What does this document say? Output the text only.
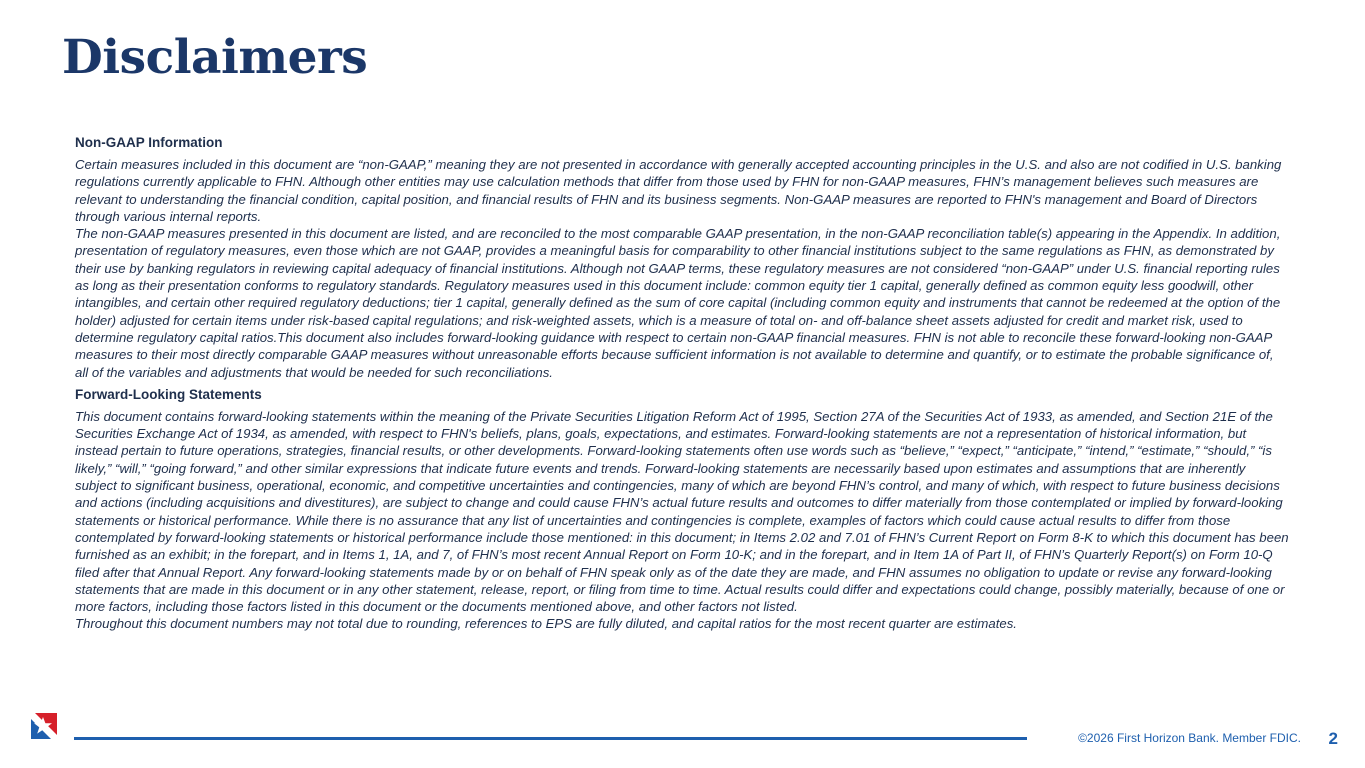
Disclaimers
Non-GAAP Information

Certain measures included in this document are “non-GAAP,” meaning they are not presented in accordance with generally accepted accounting principles in the U.S. and also are not codified in U.S. banking regulations currently applicable to FHN. Although other entities may use calculation methods that differ from those used by FHN for non-GAAP measures, FHN’s management believes such measures are relevant to understanding the financial condition, capital position, and financial results of FHN and its business segments. Non-GAAP measures are reported to FHN's management and Board of Directors through various internal reports.

The non-GAAP measures presented in this document are listed, and are reconciled to the most comparable GAAP presentation, in the non-GAAP reconciliation table(s) appearing in the Appendix. In addition, presentation of regulatory measures, even those which are not GAAP, provides a meaningful basis for comparability to other financial institutions subject to the same regulations as FHN, as demonstrated by their use by banking regulators in reviewing capital adequacy of financial institutions. Although not GAAP terms, these regulatory measures are not considered “non-GAAP” under U.S. financial reporting rules as long as their presentation conforms to regulatory standards. Regulatory measures used in this document include: common equity tier 1 capital, generally defined as common equity less goodwill, other intangibles, and certain other required regulatory deductions; tier 1 capital, generally defined as the sum of core capital (including common equity and instruments that cannot be redeemed at the option of the holder) adjusted for certain items under risk-based capital regulations; and risk-weighted assets, which is a measure of total on- and off-balance sheet assets adjusted for credit and market risk, used to determine regulatory capital ratios.This document also includes forward-looking guidance with respect to certain non-GAAP financial measures. FHN is not able to reconcile these forward-looking non-GAAP measures to their most directly comparable GAAP measures without unreasonable efforts because sufficient information is not available to determine and quantify, or to estimate the probable significance of, all of the variables and adjustments that would be needed for such reconciliations.

Forward-Looking Statements

This document contains forward-looking statements within the meaning of the Private Securities Litigation Reform Act of 1995, Section 27A of the Securities Act of 1933, as amended, and Section 21E of the Securities Exchange Act of 1934, as amended, with respect to FHN's beliefs, plans, goals, expectations, and estimates. Forward-looking statements are not a representation of historical information, but instead pertain to future operations, strategies, financial results, or other developments. Forward-looking statements often use words such as “believe,” “expect,” “anticipate,” “intend,” “estimate,” “should,” “is likely,” “will,” “going forward,” and other similar expressions that indicate future events and trends. Forward-looking statements are necessarily based upon estimates and assumptions that are inherently subject to significant business, operational, economic, and competitive uncertainties and contingencies, many of which are beyond FHN’s control, and many of which, with respect to future business decisions and actions (including acquisitions and divestitures), are subject to change and could cause FHN’s actual future results and outcomes to differ materially from those contemplated or implied by forward-looking statements or historical performance. While there is no assurance that any list of uncertainties and contingencies is complete, examples of factors which could cause actual results to differ from those contemplated by forward-looking statements or historical performance include those mentioned: in this document; in Items 2.02 and 7.01 of FHN’s Current Report on Form 8-K to which this document has been furnished as an exhibit; in the forepart, and in Items 1, 1A, and 7, of FHN’s most recent Annual Report on Form 10-K; and in the forepart, and in Item 1A of Part II, of FHN’s Quarterly Report(s) on Form 10-Q filed after that Annual Report. Any forward-looking statements made by or on behalf of FHN speak only as of the date they are made, and FHN assumes no obligation to update or revise any forward-looking statements that are made in this document or in any other statement, release, report, or filing from time to time. Actual results could differ and expectations could change, possibly materially, because of one or more factors, including those factors listed in this document or the documents mentioned above, and other factors not listed.

Throughout this document numbers may not total due to rounding, references to EPS are fully diluted, and capital ratios for the most recent quarter are estimates.

©2026 First Horizon Bank. Member FDIC. 2
